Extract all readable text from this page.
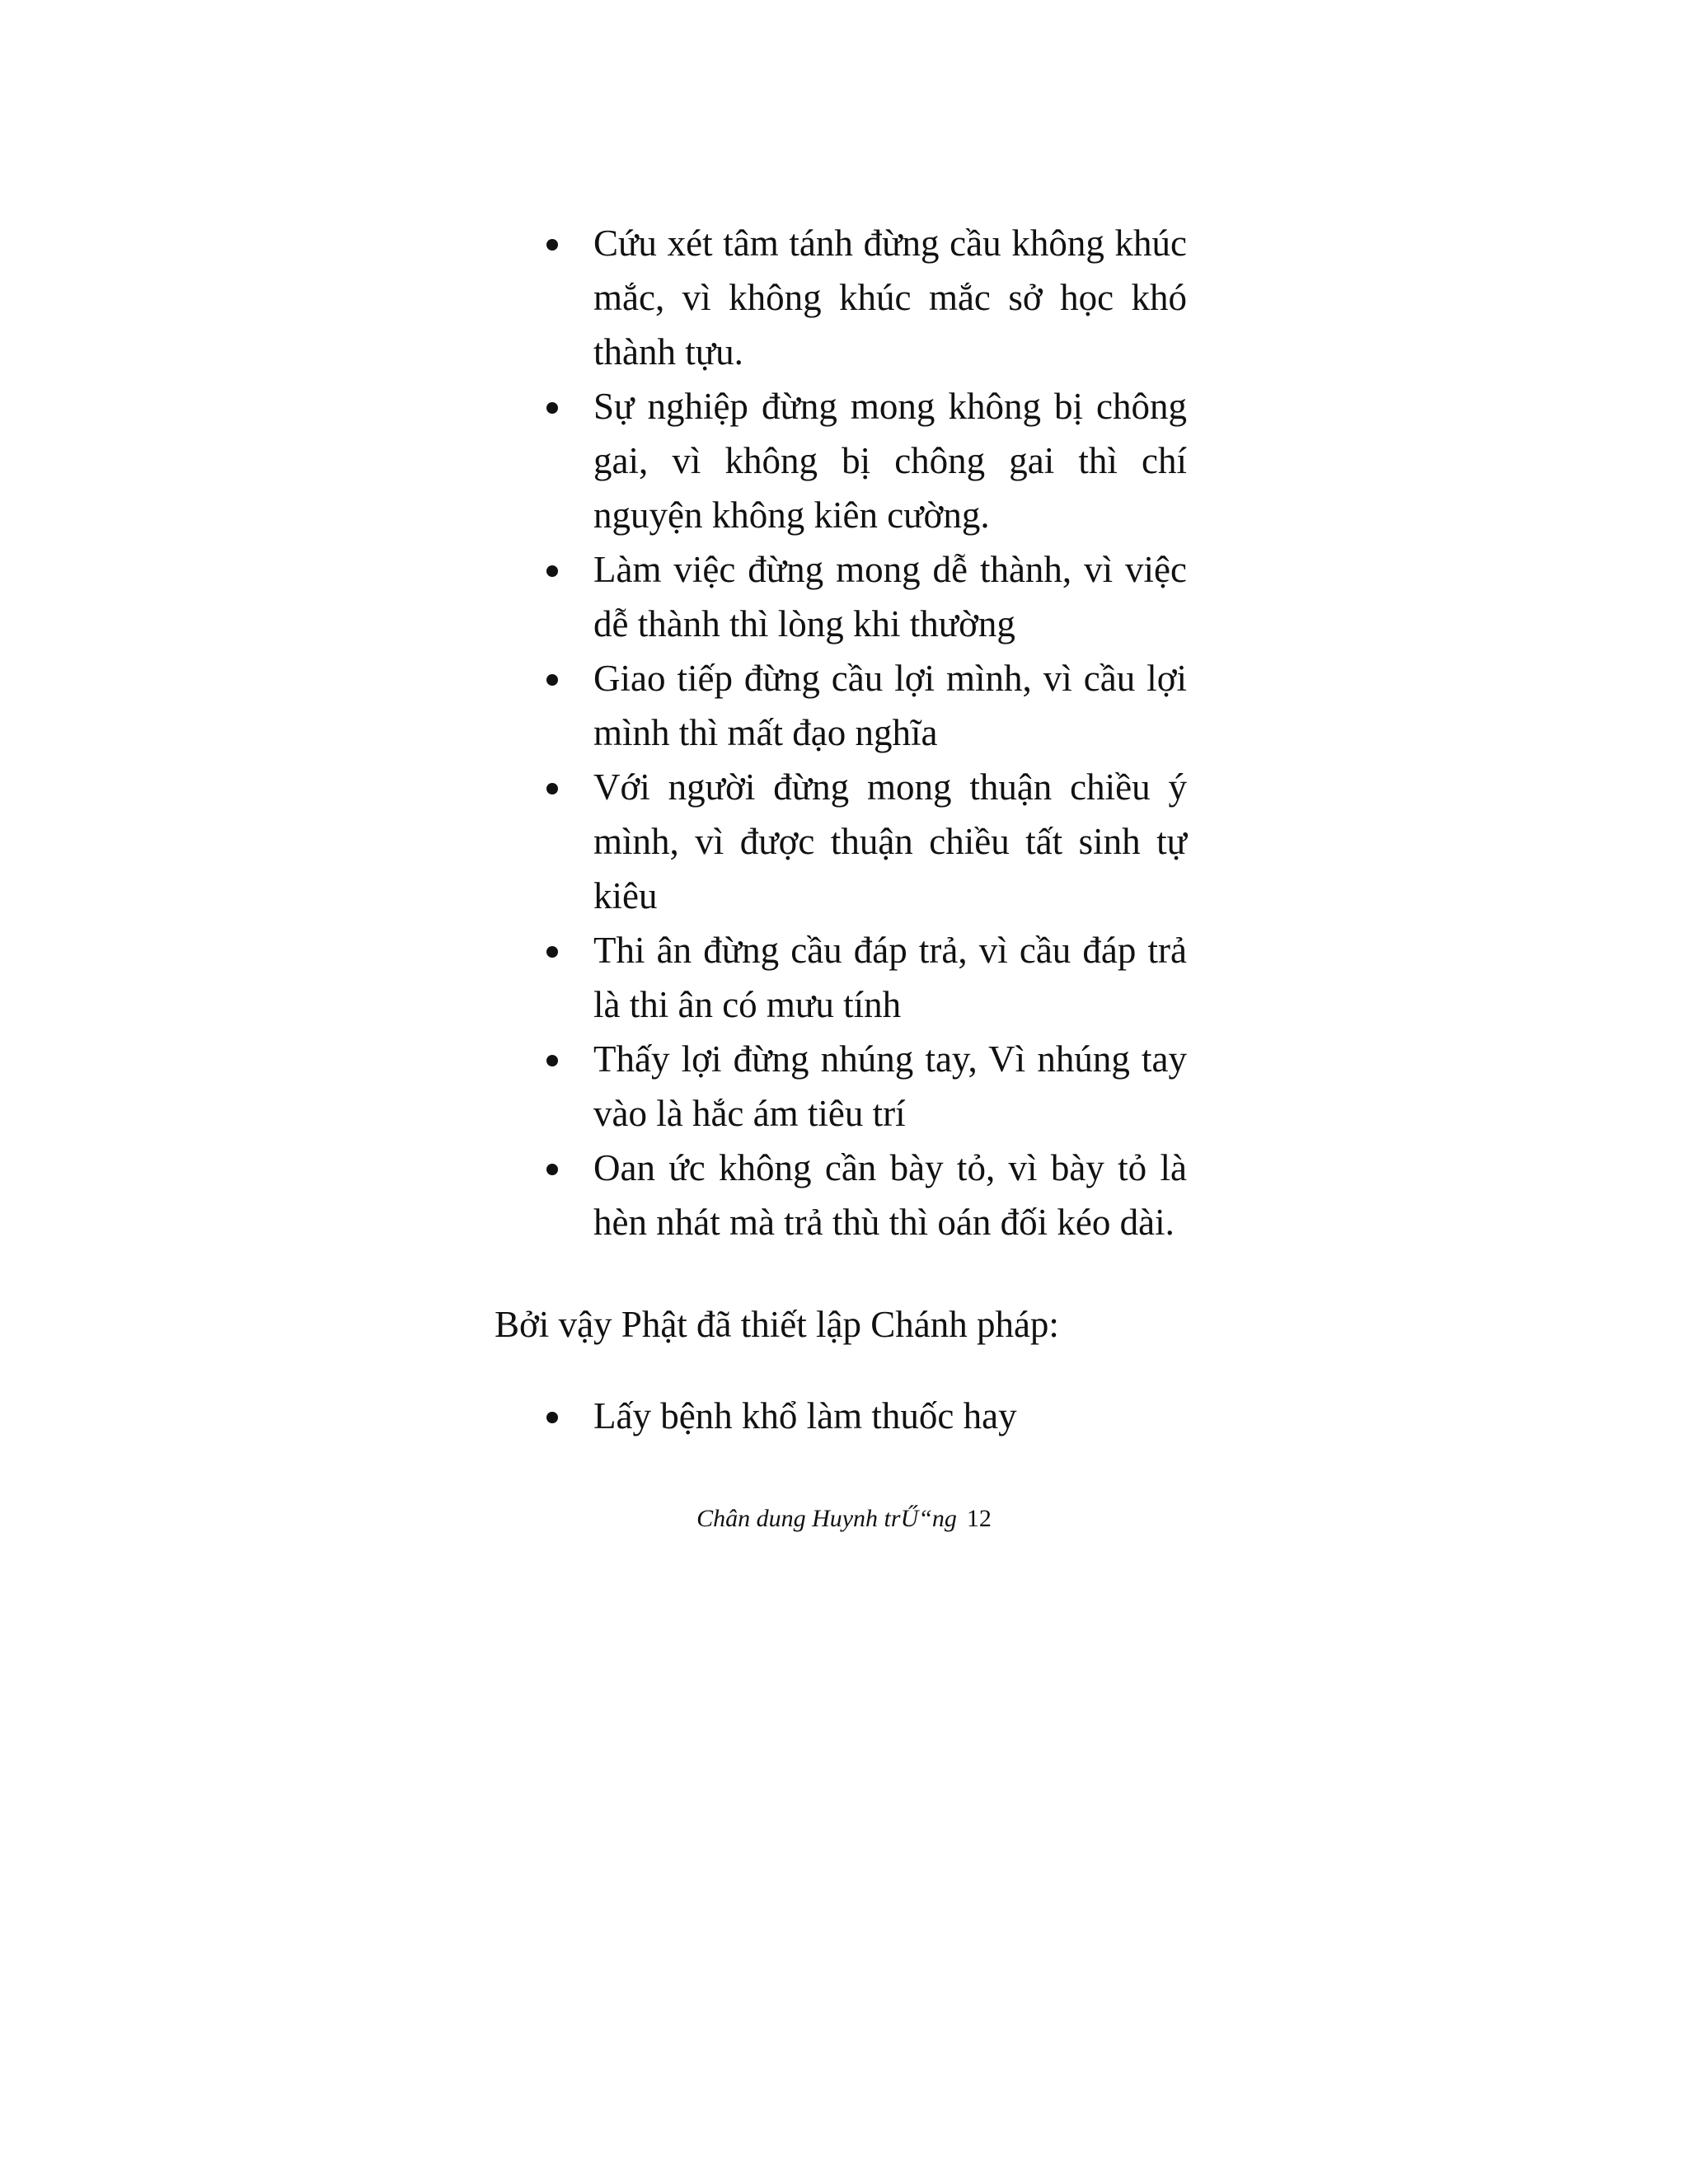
Cứu xét tâm tánh đừng cầu không khúc mắc, vì không khúc mắc sở học khó thành tựu.
Sự nghiệp đừng mong không bị chông gai, vì không bị chông gai thì chí nguyện không kiên cường.
Làm việc đừng mong dễ thành, vì việc dễ thành thì lòng khi thường
Giao tiếp đừng cầu lợi mình, vì cầu lợi mình thì mất đạo nghĩa
Với người đừng mong thuận chiều ý mình, vì được thuận chiều tất sinh tự kiêu
Thi ân đừng cầu đáp trả, vì cầu đáp trả là thi ân có mưu tính
Thấy lợi đừng nhúng tay, Vì nhúng tay vào là hắc ám tiêu trí
Oan ức không cần bày tỏ, vì bày tỏ là hèn nhát mà trả thù thì oán đối kéo dài.

Bởi vậy Phật đã thiết lập Chánh pháp:

Lấy bệnh khổ làm thuốc hay
Chân dung Huynh trŰ“ng 12
